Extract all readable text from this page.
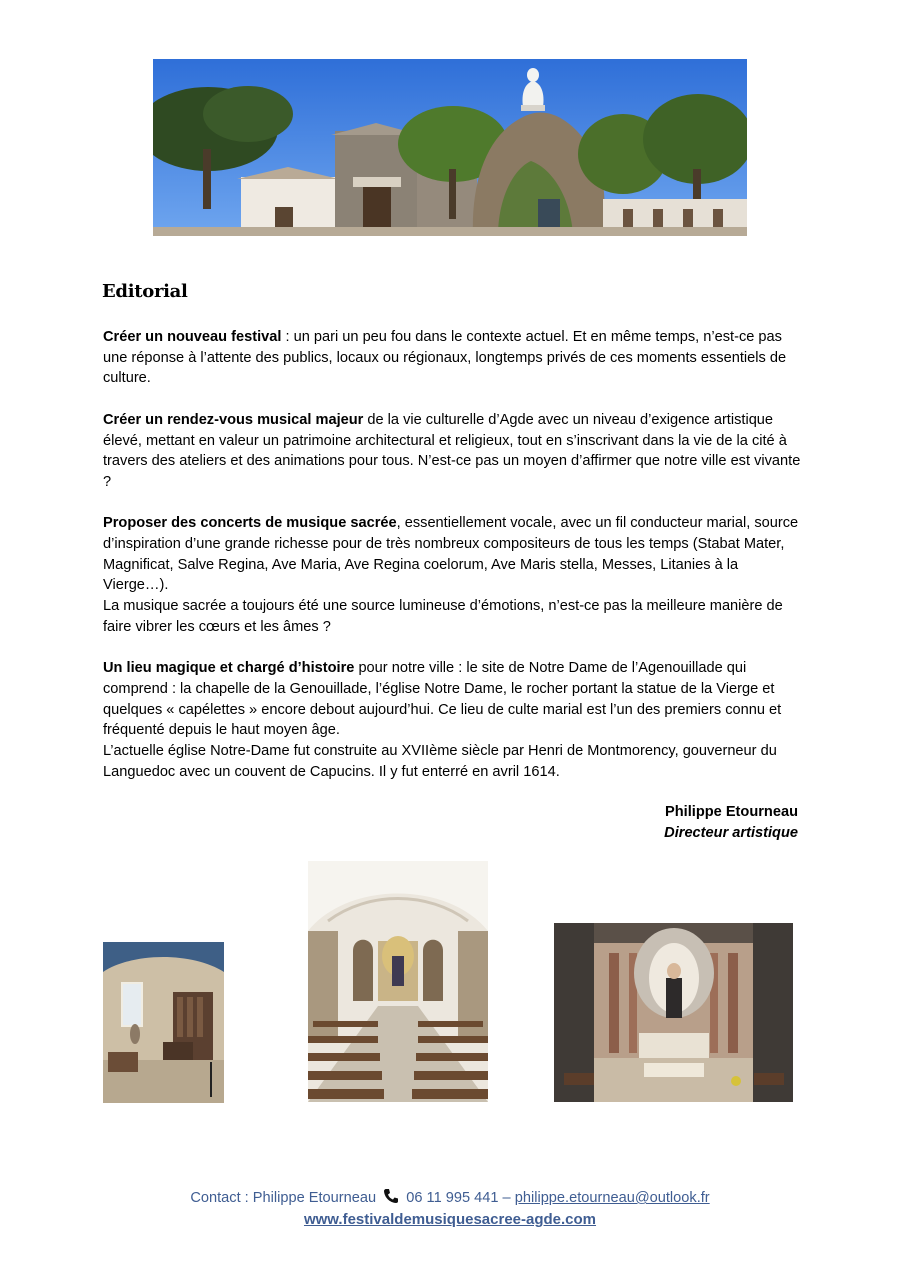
Editorial

Créer un nouveau festival : un pari un peu fou dans le contexte actuel. Et en même temps, n’est-ce pas une réponse à l’attente des publics, locaux ou régionaux, longtemps privés de ces moments essentiels de culture.

Créer un rendez-vous musical majeur de la vie culturelle d’Agde avec un niveau d’exigence artistique élevé, mettant en valeur un patrimoine architectural et religieux, tout en s’inscrivant dans la vie de la cité à travers des ateliers et des animations pour tous. N’est-ce pas un moyen d’affirmer que notre ville est vivante ?

Proposer des concerts de musique sacrée, essentiellement vocale, avec un fil conducteur marial, source d’inspiration d’une grande richesse pour de très nombreux compositeurs de tous les temps (Stabat Mater, Magnificat, Salve Regina, Ave Maria, Ave Regina coelorum, Ave Maris stella, Messes, Litanies à la Vierge…).
La musique sacrée a toujours été une source lumineuse d’émotions, n’est-ce pas la meilleure manière de faire vibrer les cœurs et les âmes ?

Un lieu magique et chargé d’histoire pour notre ville : le site de Notre Dame de l’Agenouillade qui comprend : la chapelle de la Genouillade, l’église Notre Dame, le rocher portant la statue de la Vierge et quelques « capélettes » encore debout aujourd’hui. Ce lieu de culte marial est l’un des premiers connu et fréquenté depuis le haut moyen âge.
L’actuelle église Notre-Dame fut construite au XVIIème siècle par Henri de Montmorency, gouverneur du Languedoc avec un couvent de Capucins. Il y fut enterré en avril 1614.

Philippe Etourneau
Directeur artistique
Contact : Philippe Etourneau 06 11 995 441 – philippe.etourneau@outlook.fr
www.festivaldemusiquesacree-agde.com
